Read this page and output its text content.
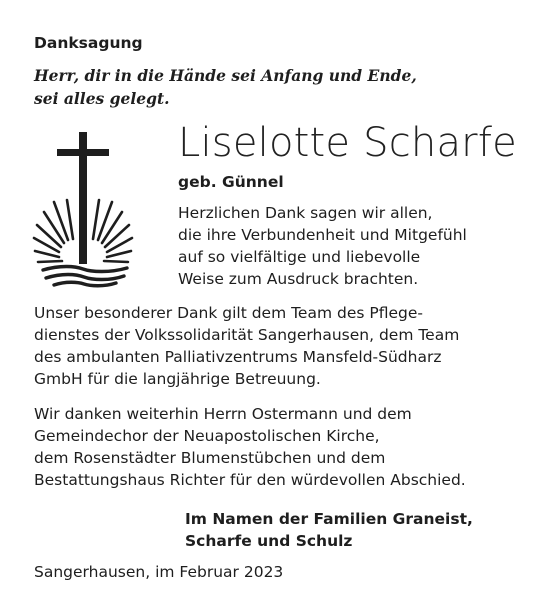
Danksagung
Herr, dir in die Hände sei Anfang und Ende,
sei alles gelegt.
Liselotte Scharfe
geb. Günnel
Herzlichen Dank sagen wir allen,
die ihre Verbundenheit und Mitgefühl
auf so vielfältige und liebevolle
Weise zum Ausdruck brachten.
Unser besonderer Dank gilt dem Team des Pflege-
dienstes der Volkssolidarität Sangerhausen, dem Team
des ambulanten Palliativzentrums Mansfeld-Südharz
GmbH für die langjährige Betreuung.
Wir danken weiterhin Herrn Ostermann und dem
Gemeindechor der Neuapostolischen Kirche,
dem Rosenstädter Blumenstübchen und dem
Bestattungshaus Richter für den würdevollen Abschied.
Im Namen der Familien Graneist,
Scharfe und Schulz
Sangerhausen, im Februar 2023
